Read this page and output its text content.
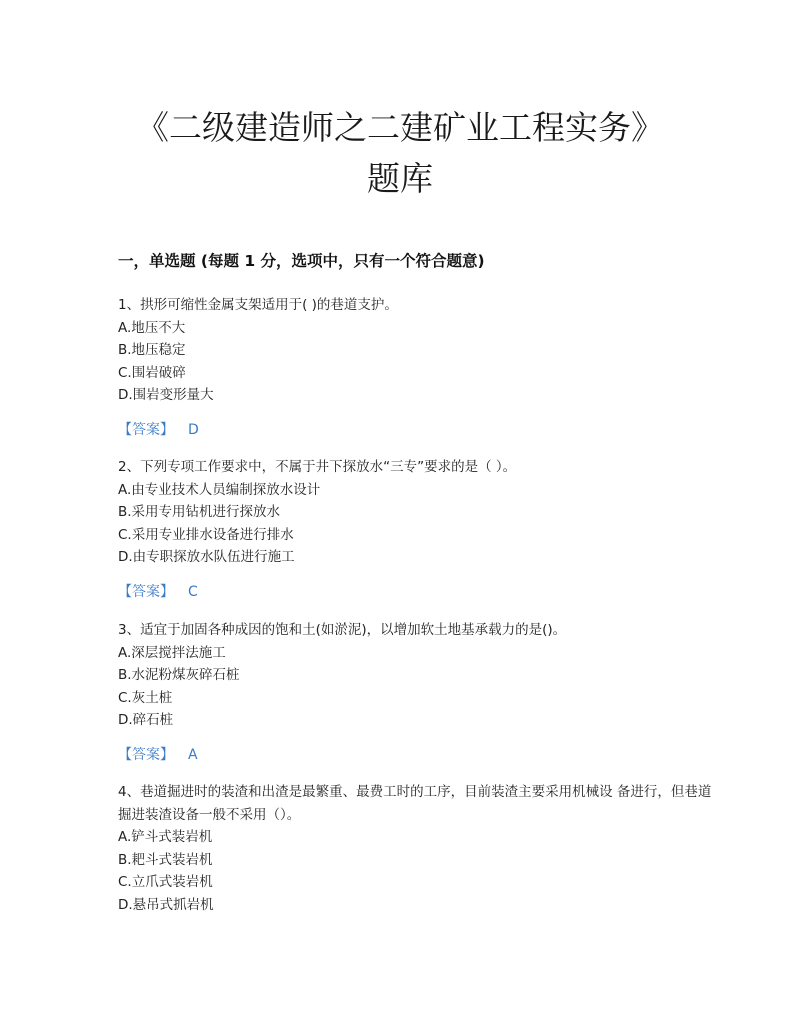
《二级建造师之二建矿业工程实务》
题库
一，单选题 (每题 1 分，选项中，只有一个符合题意)

1、拱形可缩性金属支架适用于( )的巷道支护。

A.地压不大

B.地压稳定

C.围岩破碎

D.围岩变形量大

【答案】 D

2、下列专项工作要求中，不属于井下探放水“三专”要求的是（ ）。

A.由专业技术人员编制探放水设计

B.采用专用钻机进行探放水

C.采用专业排水设备进行排水

D.由专职探放水队伍进行施工

【答案】 C

3、适宜于加固各种成因的饱和土(如淤泥)，以增加软土地基承载力的是()。

A.深层搅拌法施工

B.水泥粉煤灰碎石桩

C.灰土桩

D.碎石桩

【答案】 A

4、巷道掘进时的装渣和出渣是最繁重、最费工时的工序，目前装渣主要采用机械设 备进行，但巷道掘进装渣设备一般不采用（）。

A.铲斗式装岩机

B.耙斗式装岩机

C.立爪式装岩机

D.悬吊式抓岩机
